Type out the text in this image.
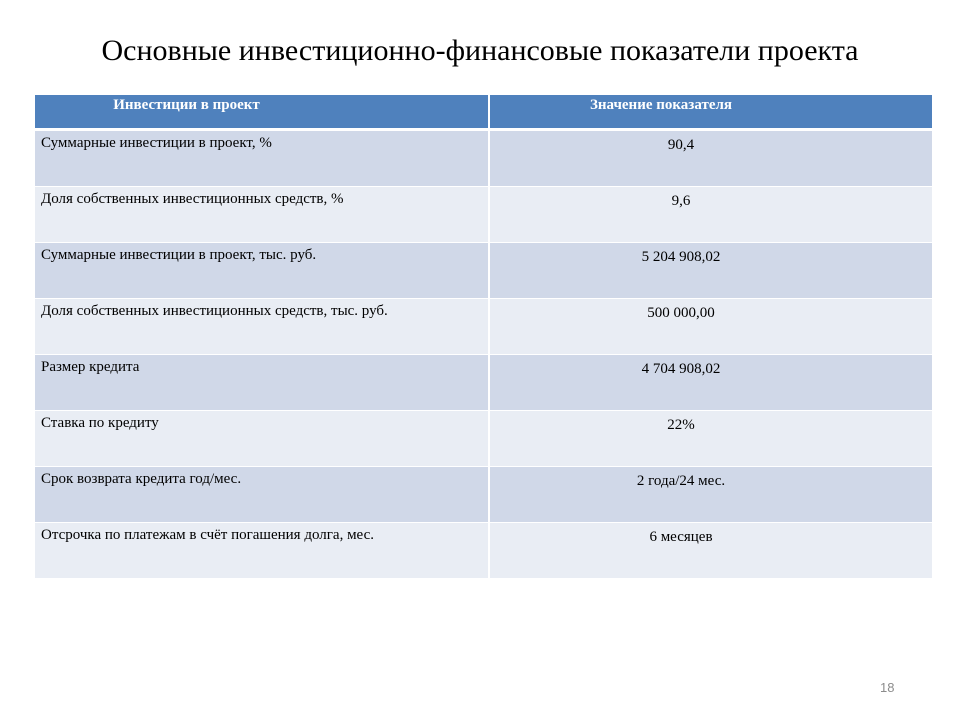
Основные инвестиционно-финансовые показатели проекта
Инвестиции в проект	Значение показателя

Суммарные инвестиции в проект, %	90,4

Доля собственных инвестиционных средств, %	9,6

Суммарные инвестиции в проект, тыс. руб.	5 204 908,02

Доля собственных инвестиционных средств, тыс. руб.	500 000,00

Размер кредита	4 704 908,02

Ставка по кредиту	22%

Срок возврата кредита год/мес.	2 года/24 мес.

Отсрочка по платежам в счёт погашения долга, мес.	6 месяцев
18
